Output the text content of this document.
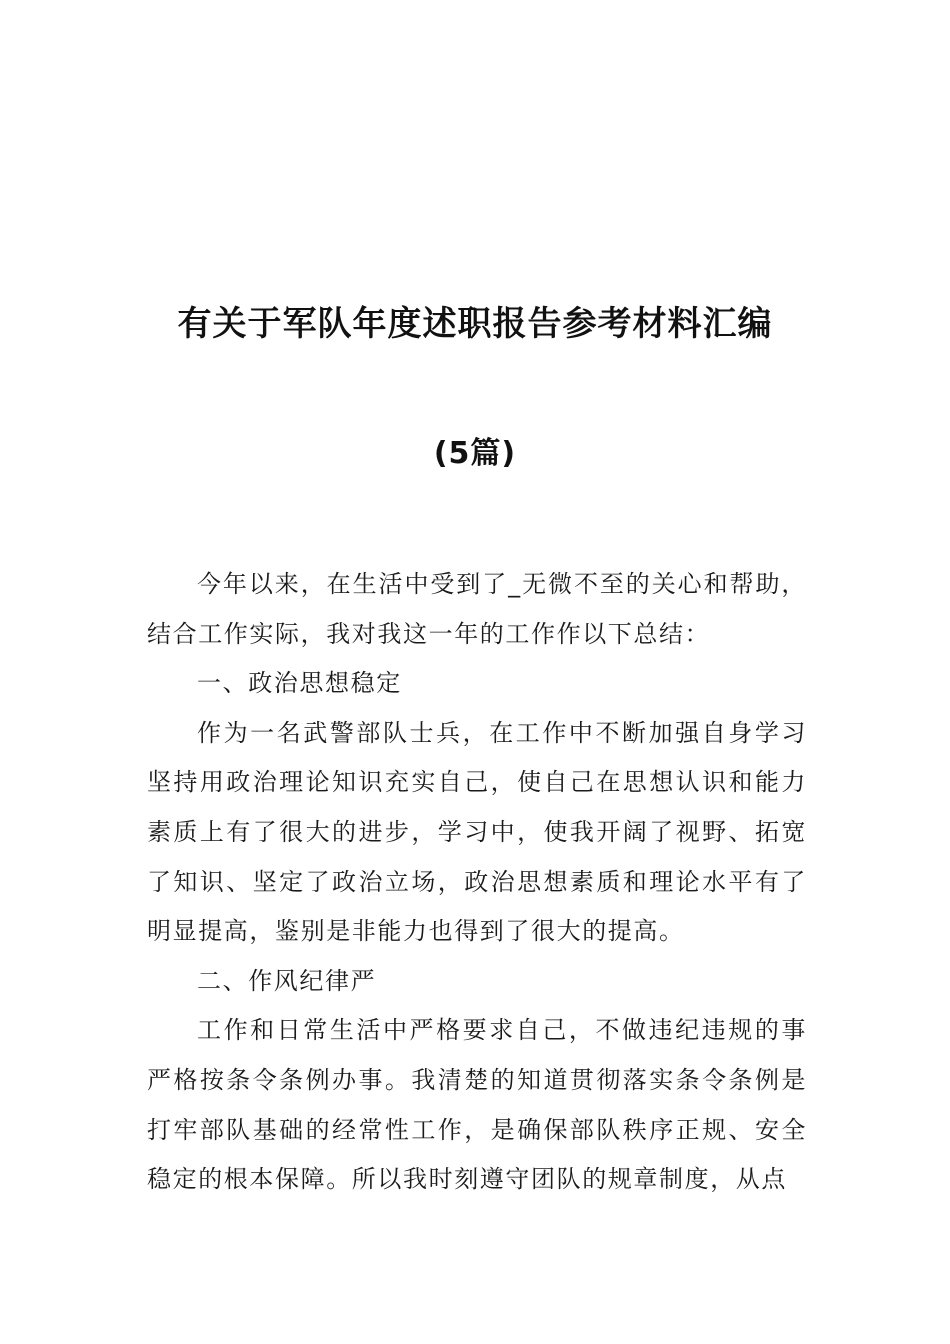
有关于军队年度述职报告参考材料汇编
(5篇)

今年以来，在生活中受到了_无微不至的关心和帮助，结合工作实际，我对我这一年的工作作以下总结：

一、政治思想稳定

作为一名武警部队士兵，在工作中不断加强自身学习坚持用政治理论知识充实自己，使自己在思想认识和能力素质上有了很大的进步，学习中，使我开阔了视野、拓宽了知识、坚定了政治立场，政治思想素质和理论水平有了明显提高，鉴别是非能力也得到了很大的提高。

二、作风纪律严

工作和日常生活中严格要求自己，不做违纪违规的事严格按条令条例办事。我清楚的知道贯彻落实条令条例是打牢部队基础的经常性工作，是确保部队秩序正规、安全稳定的根本保障。所以我时刻遵守团队的规章制度，从点
